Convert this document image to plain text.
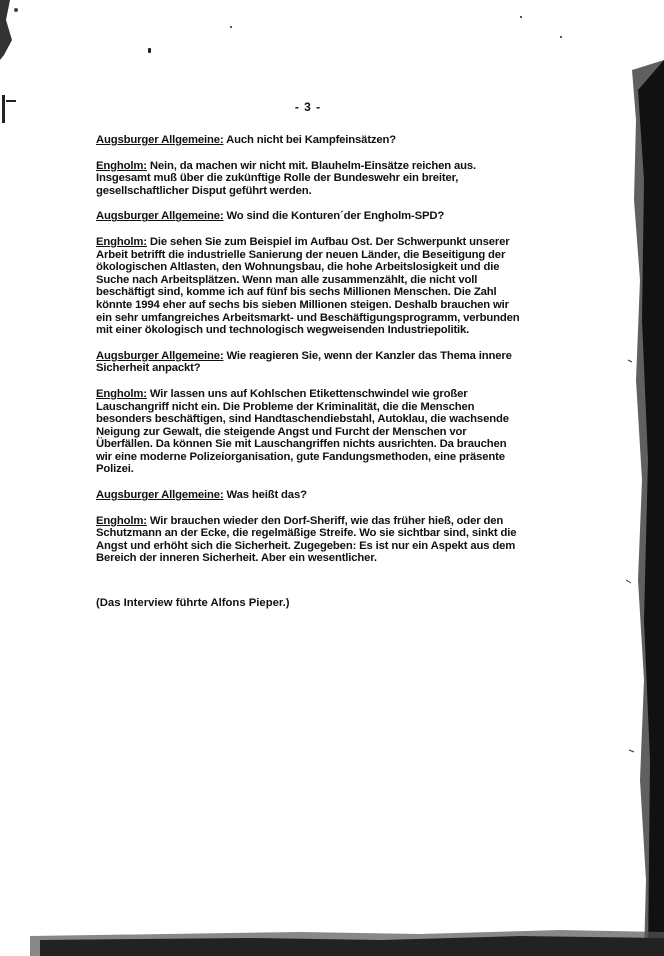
- 3 -

Augsburger Allgemeine: Auch nicht bei Kampfeinsätzen?

Engholm: Nein, da machen wir nicht mit. Blauhelm-Einsätze reichen aus. Insgesamt muß über die zukünftige Rolle der Bundeswehr ein breiter, gesellschaftlicher Disput geführt werden.

Augsburger Allgemeine: Wo sind die Konturen´der Engholm-SPD?

Engholm: Die sehen Sie zum Beispiel im Aufbau Ost. Der Schwerpunkt unserer Arbeit betrifft die industrielle Sanierung der neuen Länder, die Beseitigung der ökologischen Altlasten, den Wohnungsbau, die hohe Arbeitslosigkeit und die Suche nach Arbeitsplätzen. Wenn man alle zusammenzählt, die nicht voll beschäftigt sind, komme ich auf fünf bis sechs Millionen Menschen. Die Zahl könnte 1994 eher auf sechs bis sieben Millionen steigen. Deshalb brauchen wir ein sehr umfangreiches Arbeitsmarkt- und Beschäftigungsprogramm, verbunden mit einer ökologisch und technologisch wegweisenden Industriepolitik.

Augsburger Allgemeine: Wie reagieren Sie, wenn der Kanzler das Thema innere Sicherheit anpackt?

Engholm: Wir lassen uns auf Kohlschen Etikettenschwindel wie großer Lauschangriff nicht ein. Die Probleme der Kriminalität, die die Menschen besonders beschäftigen, sind Handtaschendiebstahl, Autoklau, die wachsende Neigung zur Gewalt, die steigende Angst und Furcht der Menschen vor Überfällen. Da können Sie mit Lauschangriffen nichts ausrichten. Da brauchen wir eine moderne Polizeiorganisation, gute Fandungsmethoden, eine präsente Polizei.

Augsburger Allgemeine: Was heißt das?

Engholm: Wir brauchen wieder den Dorf-Sheriff, wie das früher hieß, oder den Schutzmann an der Ecke, die regelmäßige Streife. Wo sie sichtbar sind, sinkt die Angst und erhöht sich die Sicherheit. Zugegeben: Es ist nur ein Aspekt aus dem Bereich der inneren Sicherheit. Aber ein wesentlicher.

(Das Interview führte Alfons Pieper.)
